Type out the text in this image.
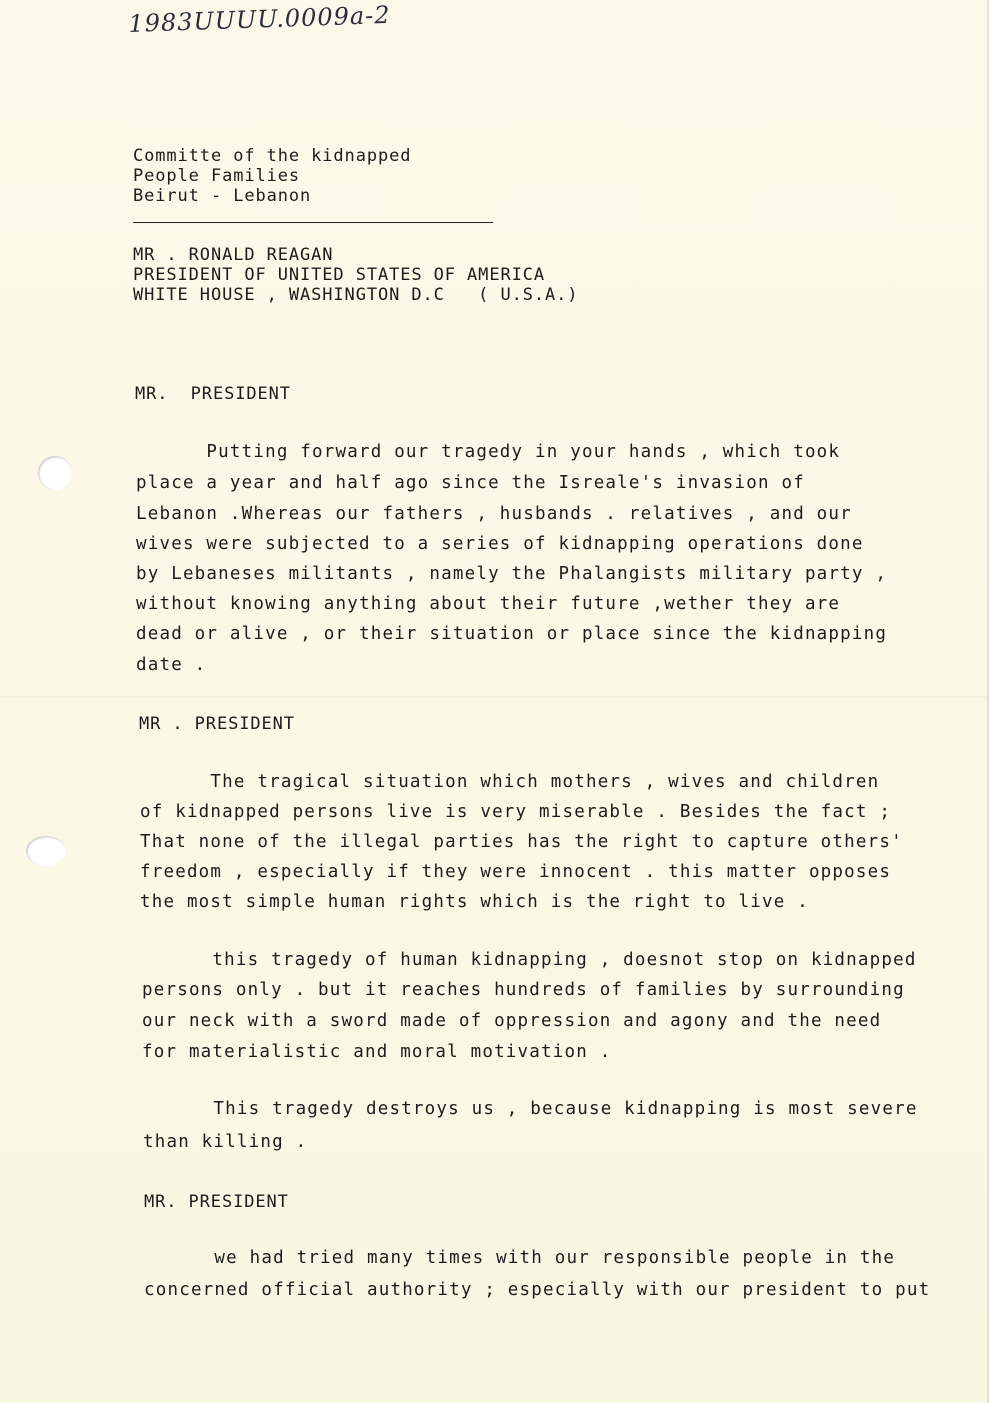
1983UUUU.0009a-2
Committe of the kidnapped
People Families
Beirut - Lebanon
MR . RONALD REAGAN
PRESIDENT OF UNITED STATES OF AMERICA
WHITE HOUSE , WASHINGTON D.C   ( U.S.A.)
MR.  PRESIDENT
Putting forward our tragedy in your hands , which took
place a year and half ago since the Isreale's invasion of
Lebanon .Whereas our fathers , husbands . relatives , and our
wives were subjected to a series of kidnapping operations done
by Lebaneses militants , namely the Phalangists military party ,
without knowing anything about their future ,wether they are
dead or alive , or their situation or place since the kidnapping
date .
MR . PRESIDENT
The tragical situation which mothers , wives and children
of kidnapped persons live is very miserable . Besides the fact ;
That none of the illegal parties has the right to capture others'
freedom , especially if they were innocent . this matter opposes
the most simple human rights which is the right to live .
this tragedy of human kidnapping , doesnot stop on kidnapped
persons only . but it reaches hundreds of families by surrounding
our neck with a sword made of oppression and agony and the need
for materialistic and moral motivation .
This tragedy destroys us , because kidnapping is most severe
than killing .
MR. PRESIDENT
we had tried many times with our responsible people in the
concerned official authority ; especially with our president to put
